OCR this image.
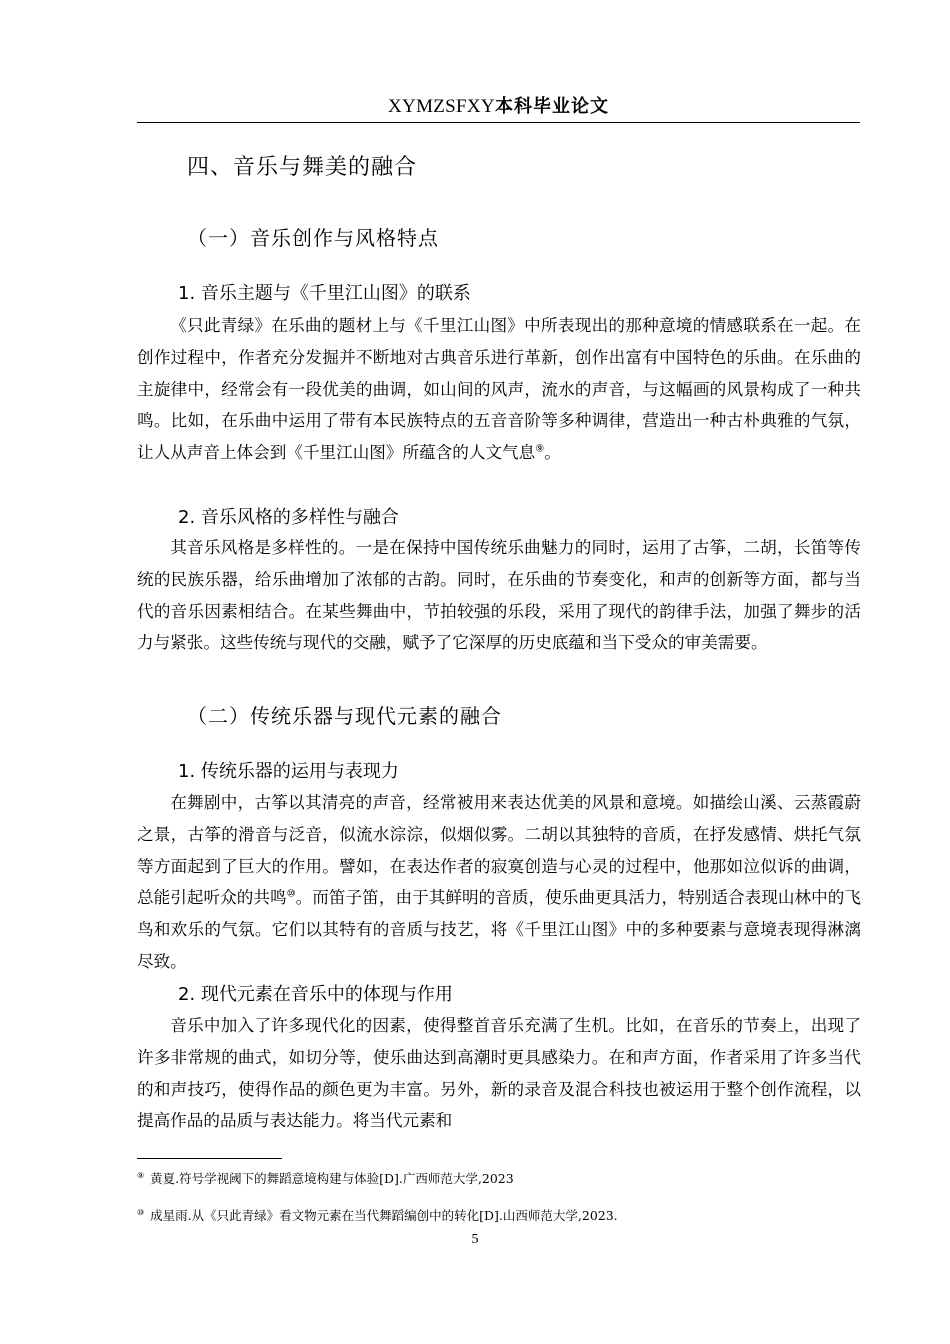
XYMZSFXY本科毕业论文
四、音乐与舞美的融合
（一）音乐创作与风格特点
1. 音乐主题与《千里江山图》的联系

《只此青绿》在乐曲的题材上与《千里江山图》中所表现出的那种意境的情感联系在一起。在创作过程中，作者充分发掘并不断地对古典音乐进行革新，创作出富有中国特色的乐曲。在乐曲的主旋律中，经常会有一段优美的曲调，如山间的风声，流水的声音，与这幅画的风景构成了一种共鸣。比如，在乐曲中运用了带有本民族特点的五音音阶等多种调律，营造出一种古朴典雅的气氛，让人从声音上体会到《千里江山图》所蕴含的人文气息⑨。

2. 音乐风格的多样性与融合

其音乐风格是多样性的。一是在保持中国传统乐曲魅力的同时，运用了古筝，二胡，长笛等传统的民族乐器，给乐曲增加了浓郁的古韵。同时，在乐曲的节奏变化，和声的创新等方面，都与当代的音乐因素相结合。在某些舞曲中，节拍较强的乐段，采用了现代的韵律手法，加强了舞步的活力与紧张。这些传统与现代的交融，赋予了它深厚的历史底蕴和当下受众的审美需要。

（二）传统乐器与现代元素的融合
1. 传统乐器的运用与表现力

在舞剧中，古筝以其清亮的声音，经常被用来表达优美的风景和意境。如描绘山溪、云蒸霞蔚之景，古筝的滑音与泛音，似流水淙淙，似烟似雾。二胡以其独特的音质，在抒发感情、烘托气氛等方面起到了巨大的作用。譬如，在表达作者的寂寞创造与心灵的过程中，他那如泣似诉的曲调，总能引起听众的共鸣⑩。而笛子笛，由于其鲜明的音质，使乐曲更具活力，特别适合表现山林中的飞鸟和欢乐的气氛。它们以其特有的音质与技艺，将《千里江山图》中的多种要素与意境表现得淋漓尽致。

2. 现代元素在音乐中的体现与作用

音乐中加入了许多现代化的因素，使得整首音乐充满了生机。比如，在音乐的节奏上，出现了许多非常规的曲式，如切分等，使乐曲达到高潮时更具感染力。在和声方面，作者采用了许多当代的和声技巧，使得作品的颜色更为丰富。另外，新的录音及混合科技也被运用于整个创作流程，以提高作品的品质与表达能力。将当代元素和

⑨ 黄夏.符号学视阈下的舞蹈意境构建与体验[D].广西师范大学,2023
⑩ 成星雨.从《只此青绿》看文物元素在当代舞蹈编创中的转化[D].山西师范大学,2023.
5
